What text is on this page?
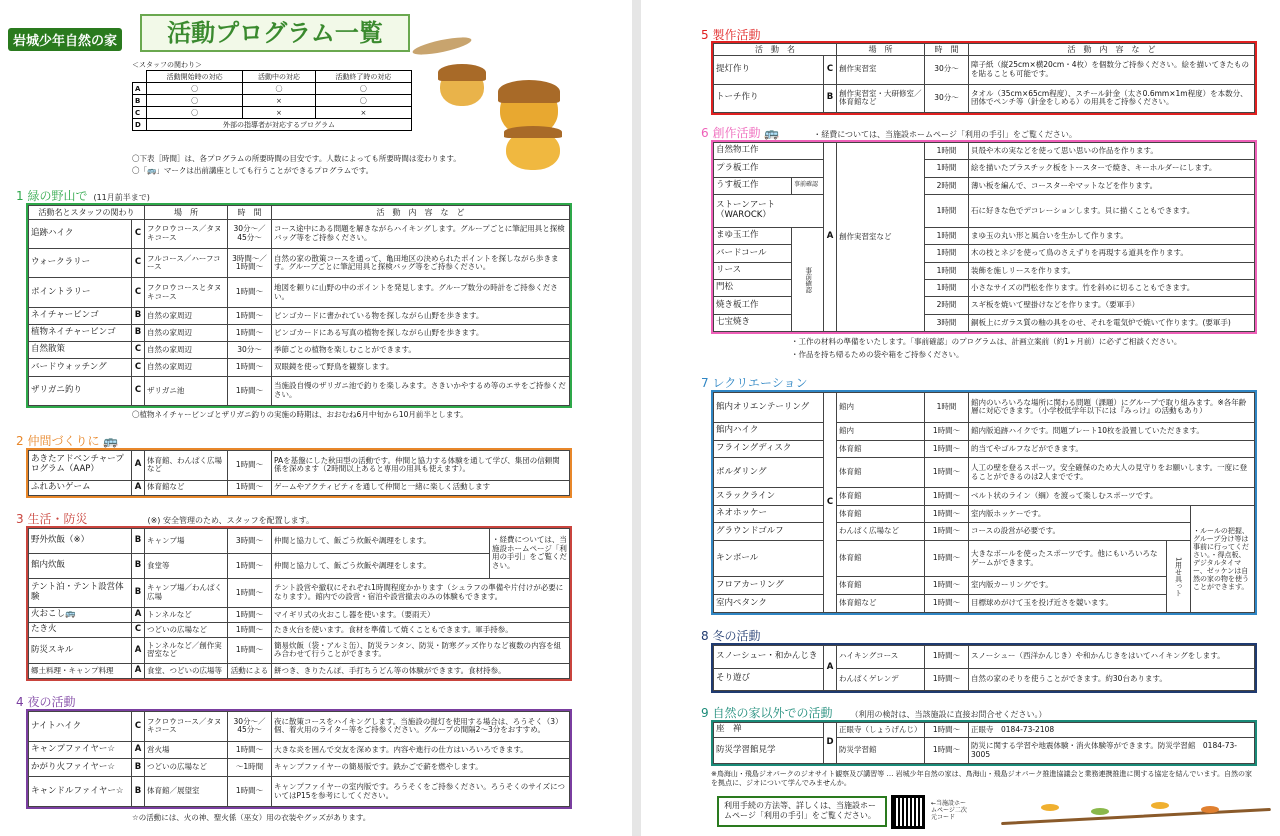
岩城少年自然の家	活動プログラム一覧
＜スタッフの関わり＞
	活動開始時の対応	活動中の対応	活動終了時の対応
A	〇	〇	〇
B	〇	×	〇
C	〇	×	×
D	外部の指導者が対応するプログラム		
〇下表［時間］は、各プログラムの所要時間の目安です。人数によっても所要時間は変わります。
〇「🚌」マークは出前講座としても行うことができるプログラムです。
1 緑の野山で (11月前半まで)
活動名とスタッフの関わり		場　所	時　間	活　動　内　容　な　ど
追跡ハイク	C	フクロウコース／タヌキコース	30分～／45分～	コース途中にある問題を解きながらハイキングします。グループごとに筆記用具と探検バッグ等をご持参ください。
ウォークラリー	C	フルコース／ハーフコース	3時間～／1時間～	自然の家の散策コースを通って、亀田地区の決められたポイントを探しながら歩きます。グループごとに筆記用具と探検バッグ等をご持参ください。
ポイントラリー	C	フクロウコースとタヌキコース	1時間～	地図を頼りに山野の中のポイントを発見します。グループ数分の時計をご持参ください。
ネイチャービンゴ	B	自然の家周辺	1時間～	ビンゴカードに書かれている物を探しながら山野を歩きます。
植物ネイチャービンゴ	B	自然の家周辺	1時間～	ビンゴカードにある写真の植物を探しながら山野を歩きます。
自然散策	C	自然の家周辺	30分～	季節ごとの植物を楽しむことができます。
バードウォッチング	C	自然の家周辺	1時間～	双眼鏡を使って野鳥を観察します。
ザリガニ釣り	C	ザリガニ池	1時間～	当施設自慢のザリガニ池で釣りを楽しみます。さきいかやするめ等のエサをご持参ください。
〇植物ネイチャービンゴとザリガニ釣りの実施の時期は、おおむね6月中旬から10月前半とします。
2 仲間づくりに 🚌
あきたアドベンチャープログラム（AAP）	A	体育館、わんぱく広場など	1時間～	PAを基盤にした秋田型の活動です。仲間と協力する体験を通して学び、集団の信頼関係を深めます（2時間以上あると専用の用具も使えます）。
ふれあいゲーム	A	体育館など	1時間～	ゲームやアクティビティを通して仲間と一緒に楽しく活動します
3 生活・防災	(※) 安全管理のため、スタッフを配置します。
野外炊飯（※）	B	キャンプ場	3時間～	仲間と協力して、飯ごう炊飯や調理をします。	・経費については、当施設ホームページ「利用の手引」をご覧ください。
館内炊飯	B	食堂等	1時間～	仲間と協力して、飯ごう炊飯や調理をします。	
テント泊・テント設営体験	B	キャンプ場／わんぱく広場	1時間～	テント設営や撤収にそれぞれ1時間程度かかります（シュラフの準備や片付けが必要になります）。館内での設営・宿泊や設営撤去のみの体験もできます。	
火おこし🚌	A	トンネルなど	1時間～	マイギリ式の火おこし器を使います。（要雨天）	
たき火	C	つどいの広場など	1時間～	たき火台を使います。食材を準備して焼くこともできます。軍手持参。	
防災スキル	A	トンネルなど／創作実習室など	1時間～	簡易炊飯（袋・アルミ缶）、防災ランタン、防災・防寒グッズ作りなど複数の内容を組み合わせて行うことができます。	
郷土料理・キャンプ料理	A	食堂、つどいの広場等	活動による	餅つき、きりたんぽ、手打ちうどん等の体験ができます。食材持参。	
4 夜の活動
ナイトハイク	C	フクロウコース／タヌキコース	30分～／45分～	夜に散策コースをハイキングします。当施設の提灯を使用する場合は、ろうそく（3）個、着火用のライター等をご持参ください。グループの間隔2～3分をおすすめ。
キャンプファイヤー☆	A	営火場	1時間～	大きな炎を囲んで交友を深めます。内容や進行の仕方はいろいろできます。
かがり火ファイヤー☆	B	つどいの広場など	～1時間	キャンプファイヤーの簡易版です。鉄かごで薪を燃やします。
キャンドルファイヤー☆	B	体育館／展望室	1時間～	キャンプファイヤーの室内版です。ろうそくをご持参ください。ろうそくのサイズについてはP15を参考にしてください。
☆の活動には、火の神、聖火係（巫女）用の衣装やグッズがあります。
5 製作活動
活　動　名		場　所	時　間	活　動　内　容　な　ど
提灯作り	C	創作実習室	30分～	障子紙（縦25cm×横20cm・4枚）を個数分ご持参ください。絵を描いてきたものを貼ることも可能です。
トーチ作り	B	創作実習室・大研修室／体育館など	30分～	タオル（35cm×65cm程度）、スチール針金（太さ0.6mm×1m程度）を本数分、団体でペンチ等（針金をしめる）の用具をご持参ください。
6 創作活動 🚌	・経費については、当施設ホームページ「利用の手引」をご覧ください。
自然物工作		A	創作実習室など	1時間	貝殻や木の実などを使って思い思いの作品を作ります。
プラ板工作				1時間	絵を描いたプラスチック板をトースターで焼き、キーホルダーにします。
うす板工作	事前確認			2時間	薄い板を編んで、コースターやマットなどを作ります。
ストーンアート（WAROCK）				1時間	石に好きな色でデコレーションします。貝に描くこともできます。
まゆ玉工作	事前確認			1時間	まゆ玉の丸い形と風合いを生かして作ります。
バードコール				1時間	木の枝とネジを使って鳥のさえずりを再現する道具を作ります。
リース				1時間	装飾を施しリースを作ります。
門松				1時間	小さなサイズの門松を作ります。竹を斜めに切ることもできます。
焼き板工作				2時間	スギ板を焼いて壁掛けなどを作ります。（要軍手）
七宝焼き				3時間	銅板上にガラス質の釉の具をのせ、それを電気炉で焼いて作ります。(要軍手)
・工作の材料の準備をいたします。「事前確認」のプログラムは、計画立案前（約1ヶ月前）に必ずご相談ください。
・作品を持ち帰るための袋や箱をご持参ください。
7 レクリエーション
館内オリエンテーリング	C	館内	1時間	館内のいろいろな場所に関わる問題（課題）にグループで取り組みます。※各年齢層に対応できます。（小学校低学年以下には『みっけ』の活動もあり）		
館内ハイク		館内	1時間～	館内版追跡ハイクです。問題プレート10枚を設置していただきます。		
フライングディスク		体育館	1時間～	的当てやゴルフなどができます。		
ボルダリング		体育館	1時間～	人工の壁を登るスポーツ。安全確保のため大人の見守りをお願いします。一度に登ることができるのは2人までです。		
スラックライン		体育館	1時間～	ベルト状のライン（綱）を渡って楽しむスポーツです。		
ネオホッケー		体育館	1時間～	室内版ホッケーです。		・ルールの把握、グループ分け等は事前に行ってください。・得点板、デジタルタイマー、ゼッケンは自然の家の物を使うことができます。
グラウンドゴルフ		わんぱく広場など	1時間～	コースの設営が必要です。		
キンボール		体育館	1時間～	大きなボールを使ったスポーツです。他にもいろいろなゲームができます。	1用せ具っト	
フロアカーリング		体育館	1時間～	室内版カーリングです。		
室内ペタンク		体育館など	1時間～	目標球めがけて玉を投げ近さを競います。		
8 冬の活動
スノーシュー・和かんじき	A	ハイキングコース	1時間～	スノーシュー（西洋かんじき）や和かんじきをはいてハイキングをします。
そり遊び		わんぱくゲレンデ	1時間～	自然の家のそりを使うことができます。約30台あります。
9 自然の家以外での活動 （利用の検討は、当該施設に直接お問合せください。）
座　禅	D	正眼寺（しょうげんじ）	1時間～	正眼寺　0184-73-2108
防災学習館見学		防災学習館	1時間～	防災に関する学習や地震体験・消火体験等ができます。防災学習館　0184-73-3005
※鳥海山・飛島ジオパークのジオサイト観察及び講習等 … 岩城少年自然の家は、鳥海山・飛島ジオパーク推進協議会と業務連携推進に関する協定を結んでいます。自然の家を拠点に、ジオについて学んでみませんか。
利用手続の方法等、詳しくは、当施設ホームページ「利用の手引」をご覧ください。
←当施設ホームページ二次元コード
